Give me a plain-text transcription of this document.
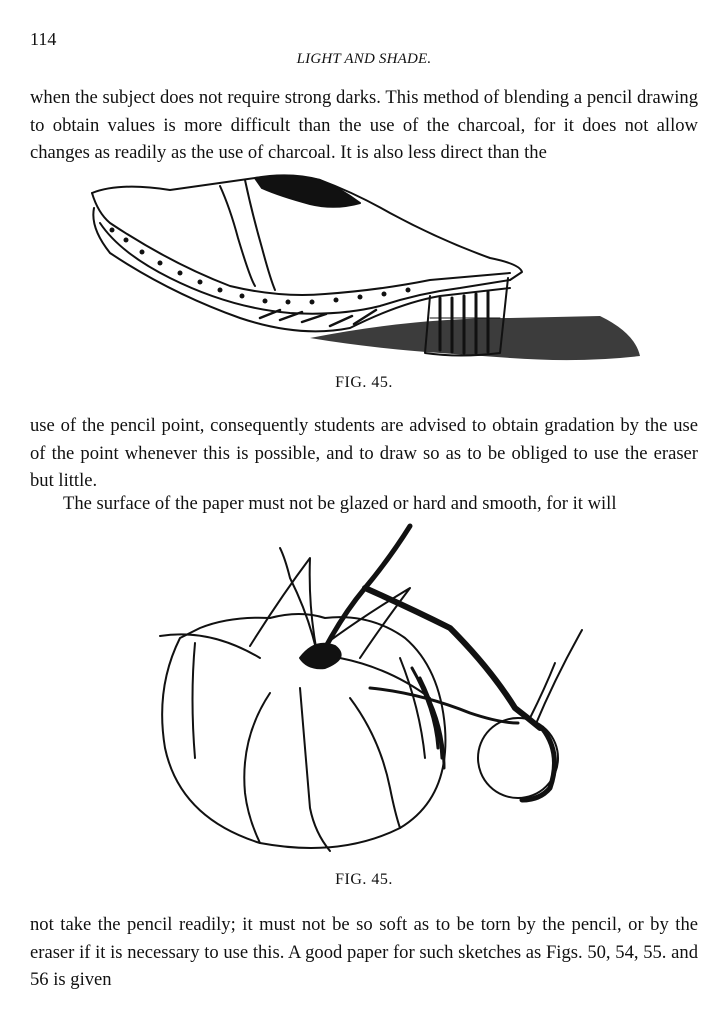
114
LIGHT AND SHADE.
when the subject does not require strong darks. This method of blending a pencil drawing to obtain values is more difficult than the use of the charcoal, for it does not allow changes as readily as the use of charcoal. It is also less direct than the
FIG. 45.
use of the pencil point, consequently students are advised to obtain gradation by the use of the point whenever this is possible, and to draw so as to be obliged to use the eraser but little.
The surface of the paper must not be glazed or hard and smooth, for it will
FIG. 45.
not take the pencil readily; it must not be so soft as to be torn by the pencil, or by the eraser if it is necessary to use this. A good paper for such sketches as Figs. 50, 54, 55. and 56 is given
